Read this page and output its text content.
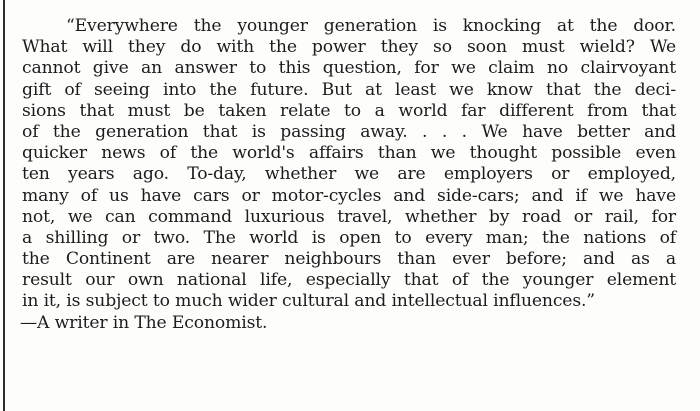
“Everywhere the younger generation is knocking at the door.
What will they do with the power they so soon must wield? We
cannot give an answer to this question, for we claim no clairvoyant
gift of seeing into the future. But at least we know that the deci-
sions that must be taken relate to a world far different from that
of the generation that is passing away. . . . We have better and
quicker news of the world's affairs than we thought possible even
ten years ago. To-day, whether we are employers or employed,
many of us have cars or motor-cycles and side-cars; and if we have
not, we can command luxurious travel, whether by road or rail, for
a shilling or two. The world is open to every man; the nations of
the Continent are nearer neighbours than ever before; and as a
result our own national life, especially that of the younger element
in it, is subject to much wider cultural and intellectual influences.”
—A writer in The Economist.
